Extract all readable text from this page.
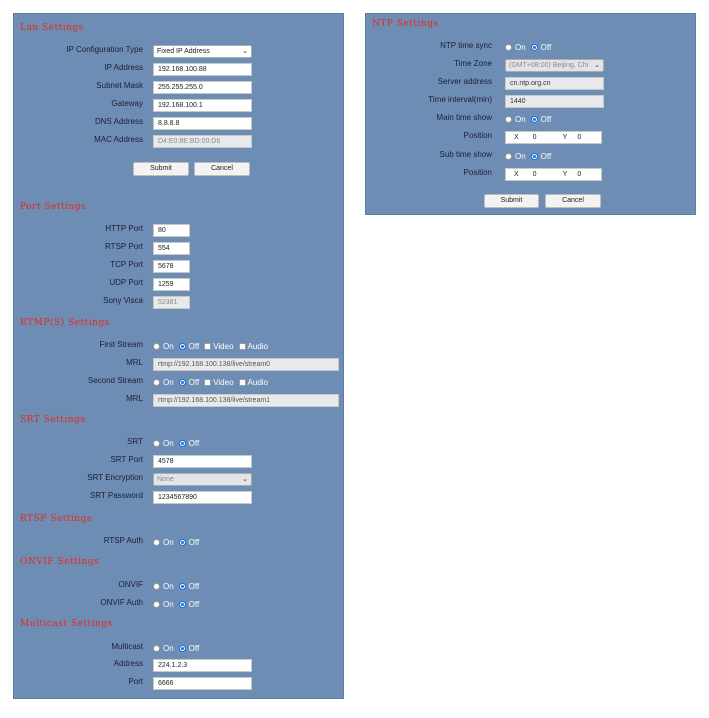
Lan Settings
IP Configuration Type Fixed IP Address	⌄
IP Address	192.168.100.88
Subnet Mask	255.255.255.0
Gateway	192.168.100.1
DNS Address	8.8.8.8
MAC Address	D4:E0:8E:BD:00:D6
Submit	Cancel
Port Settings
HTTP Port	80
RTSP Port	554
TCP Port	5678
UDP Port	1259
Sony Visca	52381
RTMP(S) Settings
First Stream	On Off Video Audio
MRL	rtmp://192.168.100.138/live/stream0
Second Stream	On Off Video Audio
MRL	rtmp://192.168.100.138/live/stream1
SRT Settings
SRT	On Off
SRT Port	4578
SRT Encryption None	⌄
SRT Password	1234567890
RTSP Settings
RTSP Auth	On Off
ONVIF Settings
ONVIF	On Off
ONVIF Auth	On Off
Multicast Settings
Multicast	On Off
Address	224.1.2.3
Port	6666
NTP Settings
NTP time sync	On Off
Time Zone (GMT+08:00) Beijing, Chi ⌄
Server address	cn.ntp.org.cn
Time interval(min)	1440
Main time show	On Off
Position	X 0	Y 0
Sub time show	On Off
Position	X 0	Y 0
Submit	Cancel
